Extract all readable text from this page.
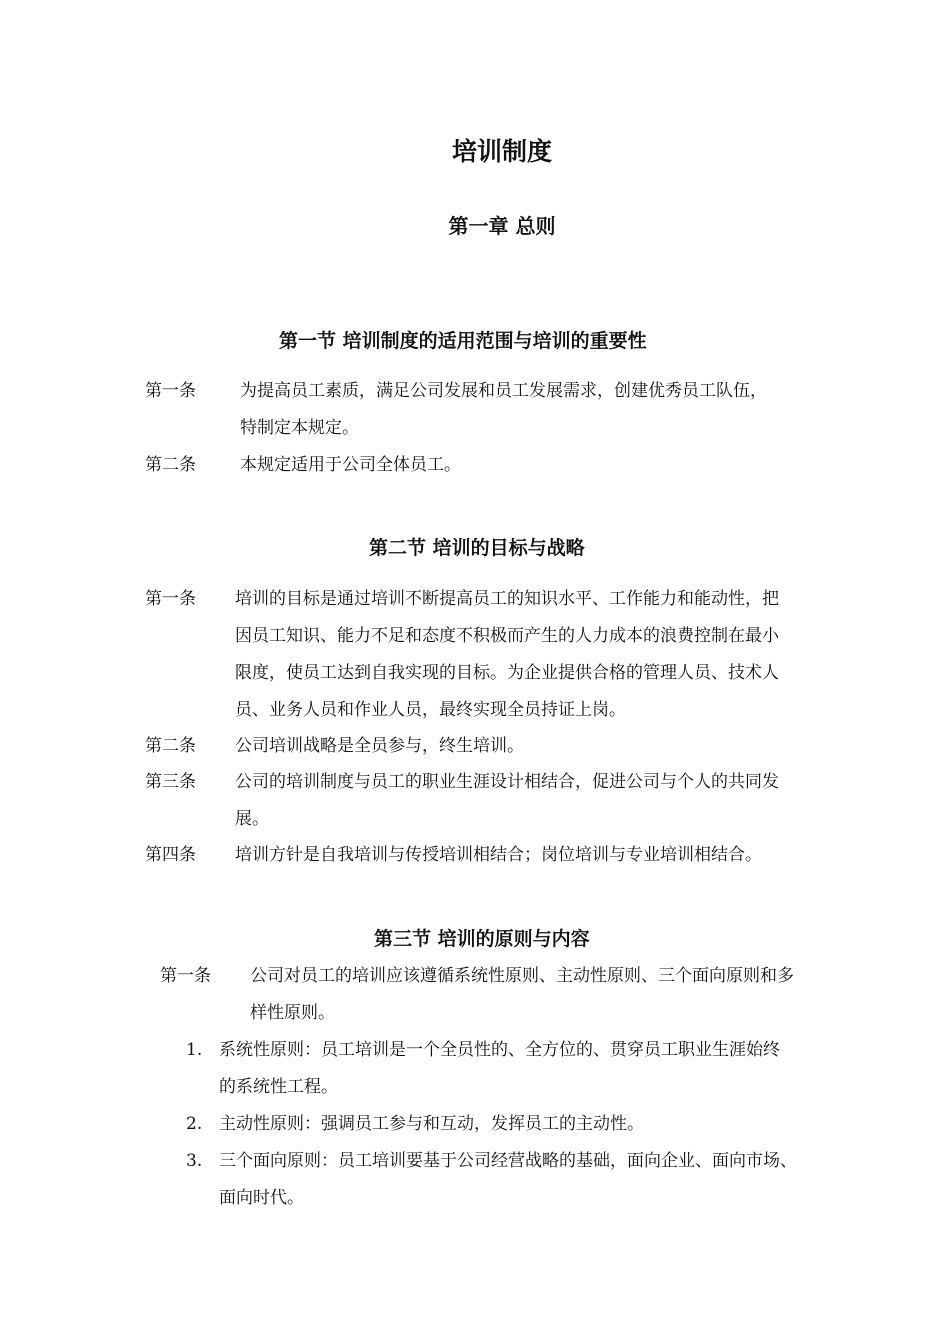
培训制度
第一章 总则
第一节 培训制度的适用范围与培训的重要性
第一条	为提高员工素质，满足公司发展和员工发展需求，创建优秀员工队伍，
特制定本规定。
第二条	本规定适用于公司全体员工。
第二节 培训的目标与战略
第一条 培训的目标是通过培训不断提高员工的知识水平、工作能力和能动性，把
因员工知识、能力不足和态度不积极而产生的人力成本的浪费控制在最小
限度，使员工达到自我实现的目标。为企业提供合格的管理人员、技术人
员、业务人员和作业人员，最终实现全员持证上岗。
第二条 公司培训战略是全员参与，终生培训。
第三条 公司的培训制度与员工的职业生涯设计相结合，促进公司与个人的共同发
展。
第四条 培训方针是自我培训与传授培训相结合；岗位培训与专业培训相结合。
第三节 培训的原则与内容
第一条 公司对员工的培训应该遵循系统性原则、主动性原则、三个面向原则和多
样性原则。
1. 系统性原则：员工培训是一个全员性的、全方位的、贯穿员工职业生涯始终
的系统性工程。
2. 主动性原则：强调员工参与和互动，发挥员工的主动性。
3. 三个面向原则：员工培训要基于公司经营战略的基础，面向企业、面向市场、
面向时代。
